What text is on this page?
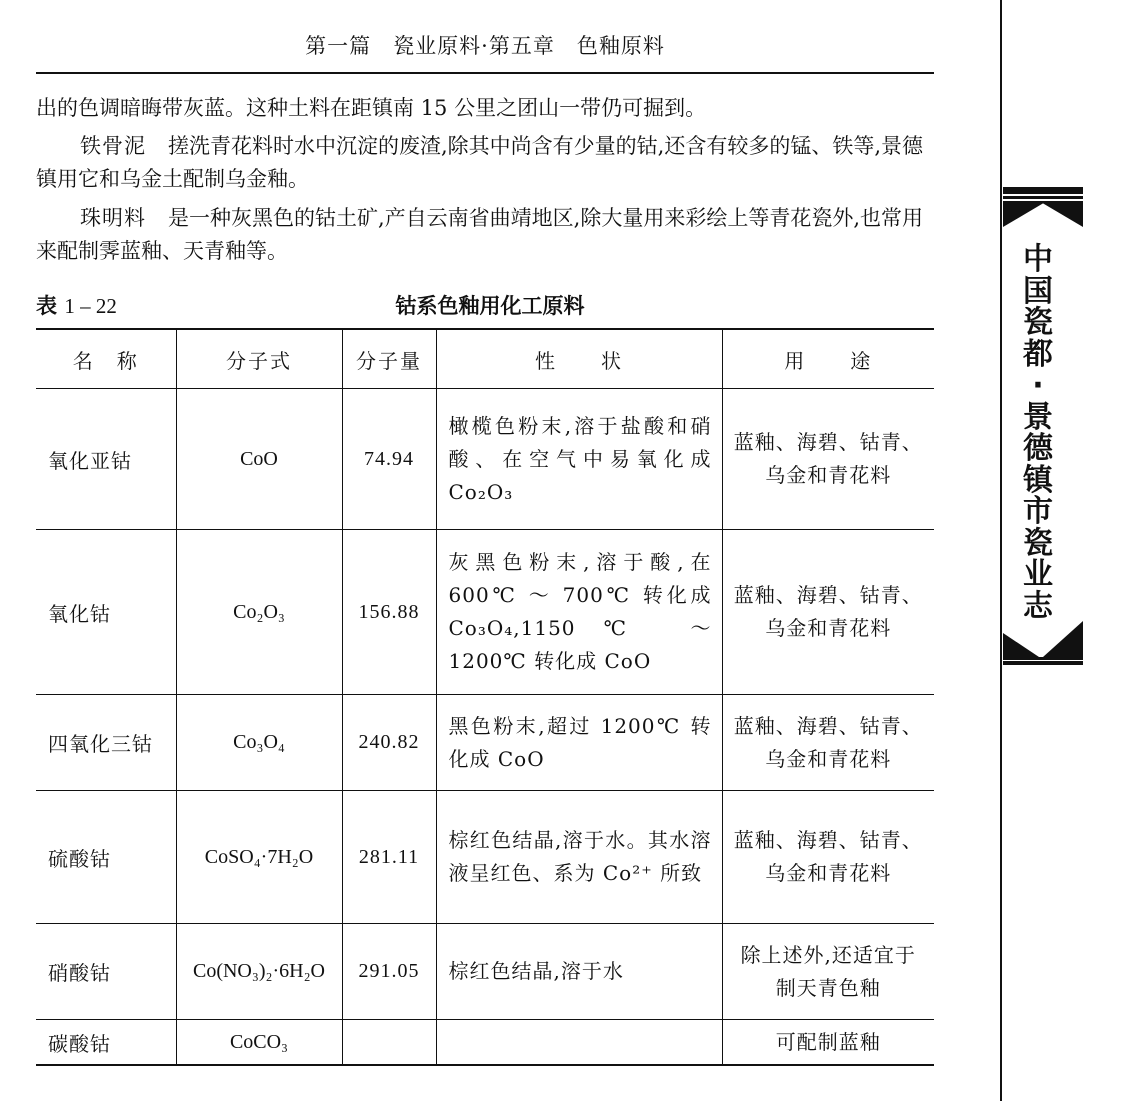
第一篇　瓷业原料·第五章　色釉原料
出的色调暗晦带灰蓝。这种土料在距镇南 15 公里之团山一带仍可掘到。
铁骨泥 搓洗青花料时水中沉淀的废渣,除其中尚含有少量的钴,还含有较多的锰、铁等,景德镇用它和乌金土配制乌金釉。
珠明料 是一种灰黑色的钴土矿,产自云南省曲靖地区,除大量用来彩绘上等青花瓷外,也常用来配制霁蓝釉、天青釉等。
表 1 – 22	钴系色釉用化工原料
名　称	分子式	分子量	性　　状	用　　途
氧化亚钴	CoO	74.94	橄榄色粉末,溶于盐酸和硝酸、在空气中易氧化成 Co₂O₃	蓝釉、海碧、钴青、乌金和青花料
氧化钴	Co₂O₃	156.88	灰黑色粉末,溶于酸,在 600℃ ～ 700℃ 转化成 Co₃O₄,1150℃ ～ 1200℃ 转化成 CoO	蓝釉、海碧、钴青、乌金和青花料
四氧化三钴	Co₃O₄	240.82	黑色粉末,超过 1200℃ 转化成 CoO	蓝釉、海碧、钴青、乌金和青花料
硫酸钴	CoSO₄·7H₂O	281.11	棕红色结晶,溶于水。其水溶液呈红色、系为 Co²⁺ 所致	蓝釉、海碧、钴青、乌金和青花料
硝酸钴	Co(NO₃)₂·6H₂O	291.05	棕红色结晶,溶于水	除上述外,还适宜于制天青色釉
碳酸钴	CoCO₃			可配制蓝釉
中
国
瓷
都
·
景
德
镇
市
瓷
业
志
